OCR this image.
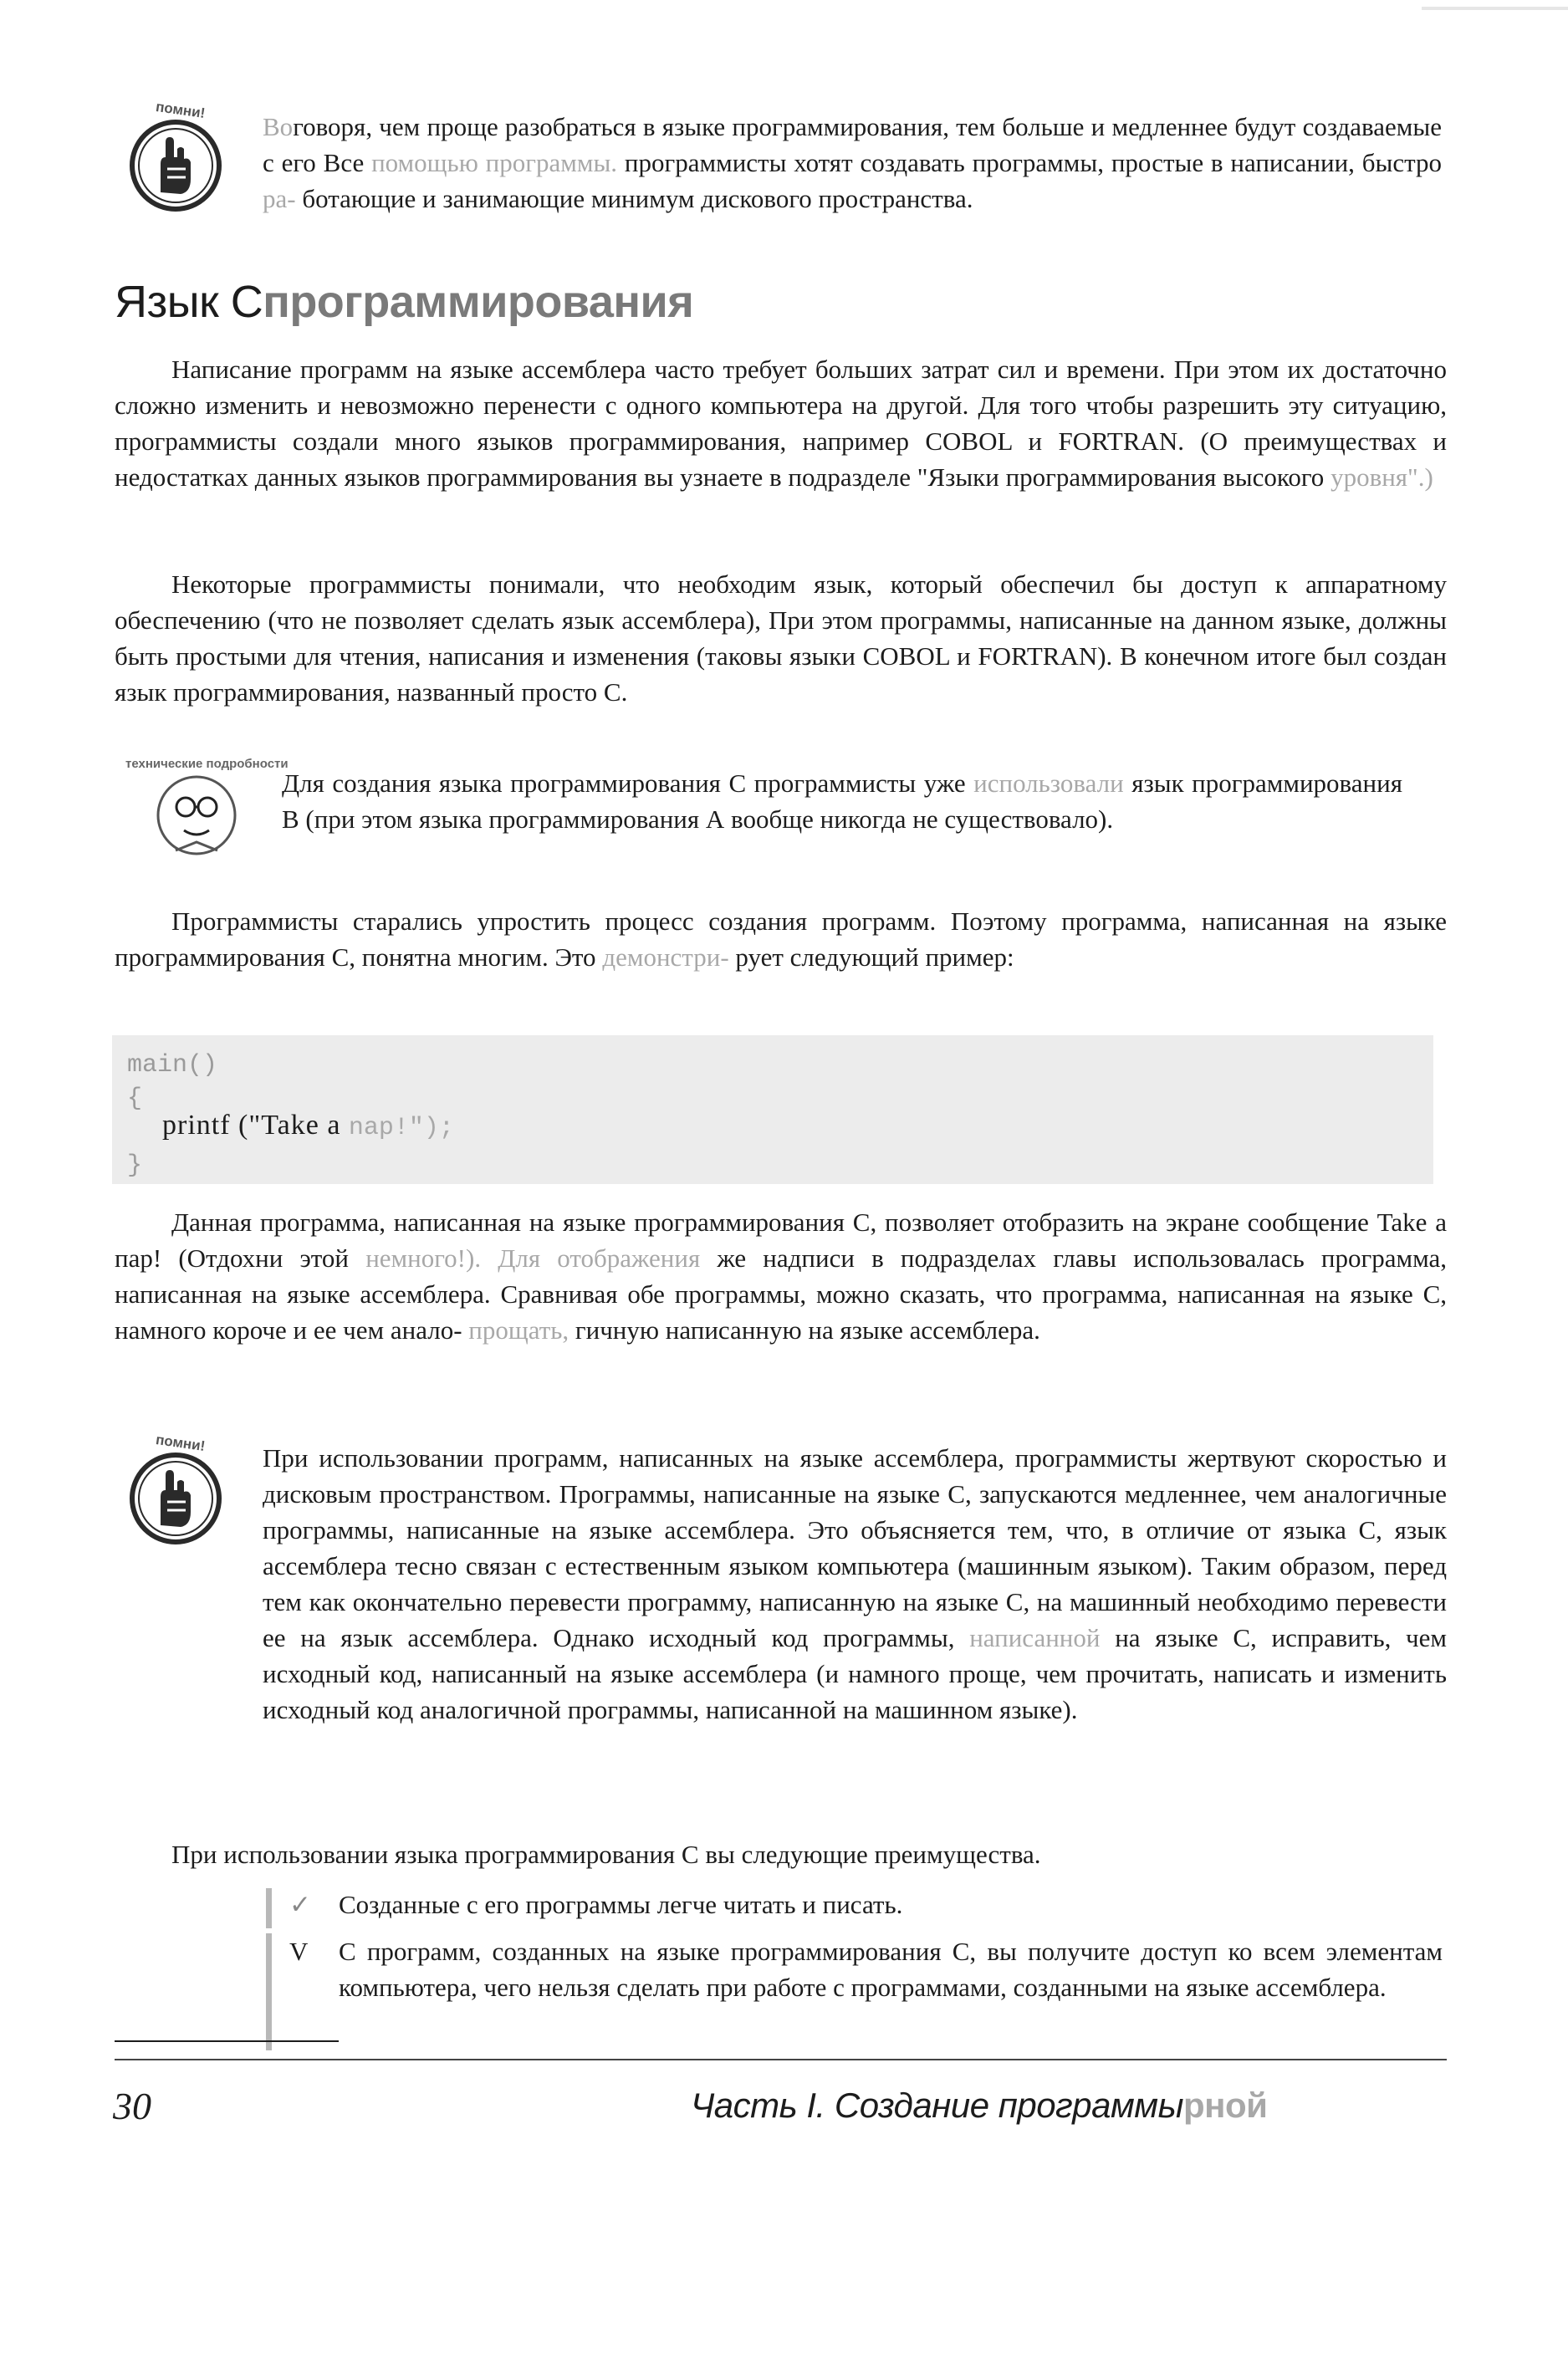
помни!

Воговоря, чем проще разобраться в языке программирования, тем больше и медленнее будут создаваемые с его Все помощью программы. программисты хотят создавать программы, простые в написании, быстро ра- ботающие и занимающие минимум дискового пространства.

Язык Спрограммирования

Написание программ на языке ассемблера часто требует больших затрат сил и времени. При этом их достаточно сложно изменить и невозможно перенести с одного компьютера на другой. Для того чтобы разрешить эту ситуацию, программисты создали много языков программирования, например COBOL и FORTRAN. (О преимуществах и недостатках данных языков программирования вы узнаете в подразделе "Языки программирования высокого уровня".)

Некоторые программисты понимали, что необходим язык, который обеспечил бы доступ к аппаратному обеспечению (что не позволяет сделать язык ассемблера), При этом программы, написанные на данном языке, должны быть простыми для чтения, написания и изменения (таковы языки COBOL и FORTRAN). В конечном итоге был создан язык программирования, названный просто С.

технические подробности

Для создания языка программирования С программисты уже использовали язык программирования В (при этом языка программирования А вообще никогда не существовало).

Программисты старались упростить процесс создания программ. Поэтому программа, написанная на языке программирования С, понятна многим. Это демонстри- рует следующий пример:

main()
{
printf ("Take a nap!");
}

Данная программа, написанная на языке программирования С, позволяет отобразить на экране сообщение Take a пар! (Отдохни этой немного!). Для отображения же надписи в подразделах главы использовалась программа, написанная на языке ассемблера. Сравнивая обе программы, можно сказать, что программа, написанная на языке С, намного короче и ее чем анало- прощать, гичную написанную на языке ассемблера.

помни!

При использовании программ, написанных на языке ассемблера, программисты жертвуют скоростью и дисковым пространством. Программы, написанные на языке С, запускаются медленнее, чем аналогичные программы, написанные на языке ассемблера. Это объясняется тем, что, в отличие от языка С, язык ассемблера тесно связан с естественным языком компьютера (машинным языком). Таким образом, перед тем как окончательно перевести программу, написанную на языке С, на машинный необходимо перевести ее на язык ассемблера. Однако исходный код программы, написанной на языке С, исправить, чем исходный код, написанный на языке ассемблера (и намного проще, чем прочитать, написать и изменить исходный код аналогичной программы, написанной на машинном языке).

При использовании языка программирования С вы следующие преимущества.

✓ Созданные с его программы легче читать и писать.

V С программ, созданных на языке программирования С, вы получите доступ ко всем элементам компьютера, чего нельзя сделать при работе с программами, созданными на языке ассемблера.

30	Часть I. Создание программырной
